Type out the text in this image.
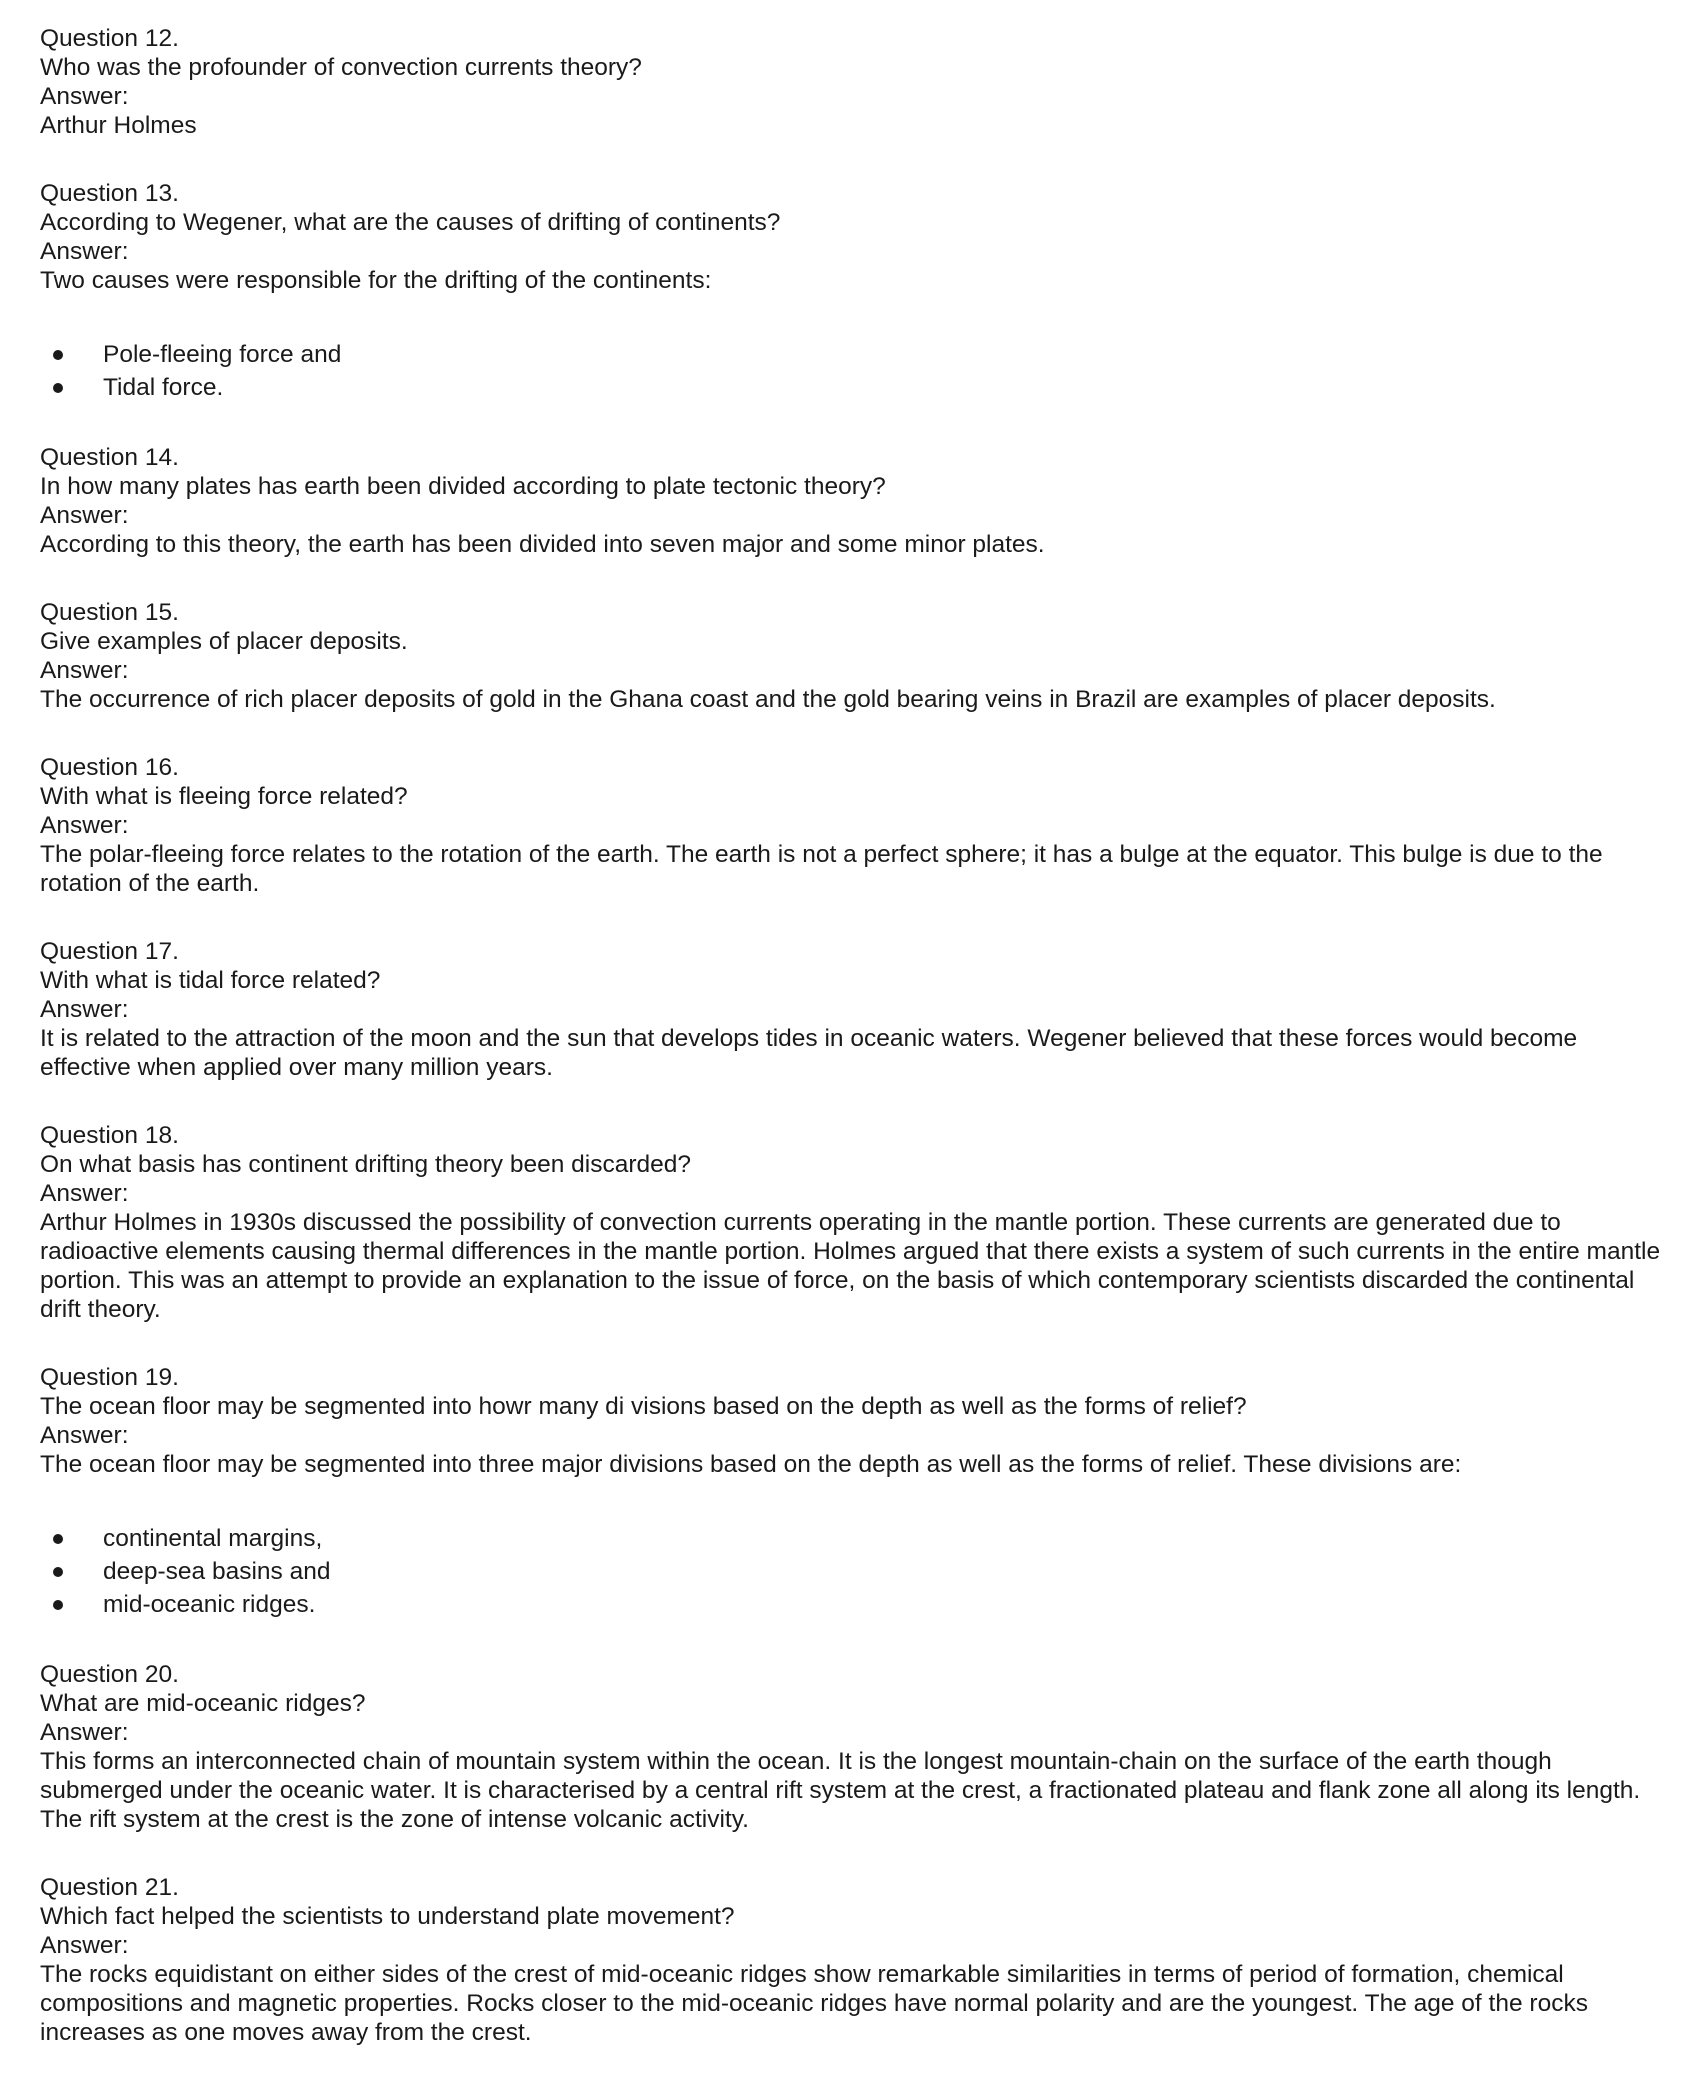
Question 12.
Who was the profounder of convection currents theory?
Answer:
Arthur Holmes
Question 13.
According to Wegener, what are the causes of drifting of continents?
Answer:
Two causes were responsible for the drifting of the continents:
Pole-fleeing force and
Tidal force.
Question 14.
In how many plates has earth been divided according to plate tectonic theory?
Answer:
According to this theory, the earth has been divided into seven major and some minor plates.
Question 15.
Give examples of placer deposits.
Answer:
The occurrence of rich placer deposits of gold in the Ghana coast and the gold bearing veins in Brazil are examples of placer deposits.
Question 16.
With what is fleeing force related?
Answer:
The polar-fleeing force relates to the rotation of the earth. The earth is not a perfect sphere; it has a bulge at the equator. This bulge is due to the rotation of the earth.
Question 17.
With what is tidal force related?
Answer:
It is related to the attraction of the moon and the sun that develops tides in oceanic waters. Wegener believed that these forces would become effective when applied over many million years.
Question 18.
On what basis has continent drifting theory been discarded?
Answer:
Arthur Holmes in 1930s discussed the possibility of convection currents operating in the mantle portion. These currents are generated due to radioactive elements causing thermal differences in the mantle portion. Holmes argued that there exists a system of such currents in the entire mantle portion. This was an attempt to provide an explanation to the issue of force, on the basis of which contemporary scientists discarded the continental drift theory.
Question 19.
The ocean floor may be segmented into howr many di visions based on the depth as well as the forms of relief?
Answer:
The ocean floor may be segmented into three major divisions based on the depth as well as the forms of relief. These divisions are:
continental margins,
deep-sea basins and
mid-oceanic ridges.
Question 20.
What are mid-oceanic ridges?
Answer:
This forms an interconnected chain of mountain system within the ocean. It is the longest mountain-chain on the surface of the earth though submerged under the oceanic water. It is characterised by a central rift system at the crest, a fractionated plateau and flank zone all along its length. The rift system at the crest is the zone of intense volcanic activity.
Question 21.
Which fact helped the scientists to understand plate movement?
Answer:
The rocks equidistant on either sides of the crest of mid-oceanic ridges show remarkable similarities in terms of period of formation, chemical compositions and magnetic properties. Rocks closer to the mid-oceanic ridges have normal polarity and are the youngest. The age of the rocks increases as one moves away from the crest.
